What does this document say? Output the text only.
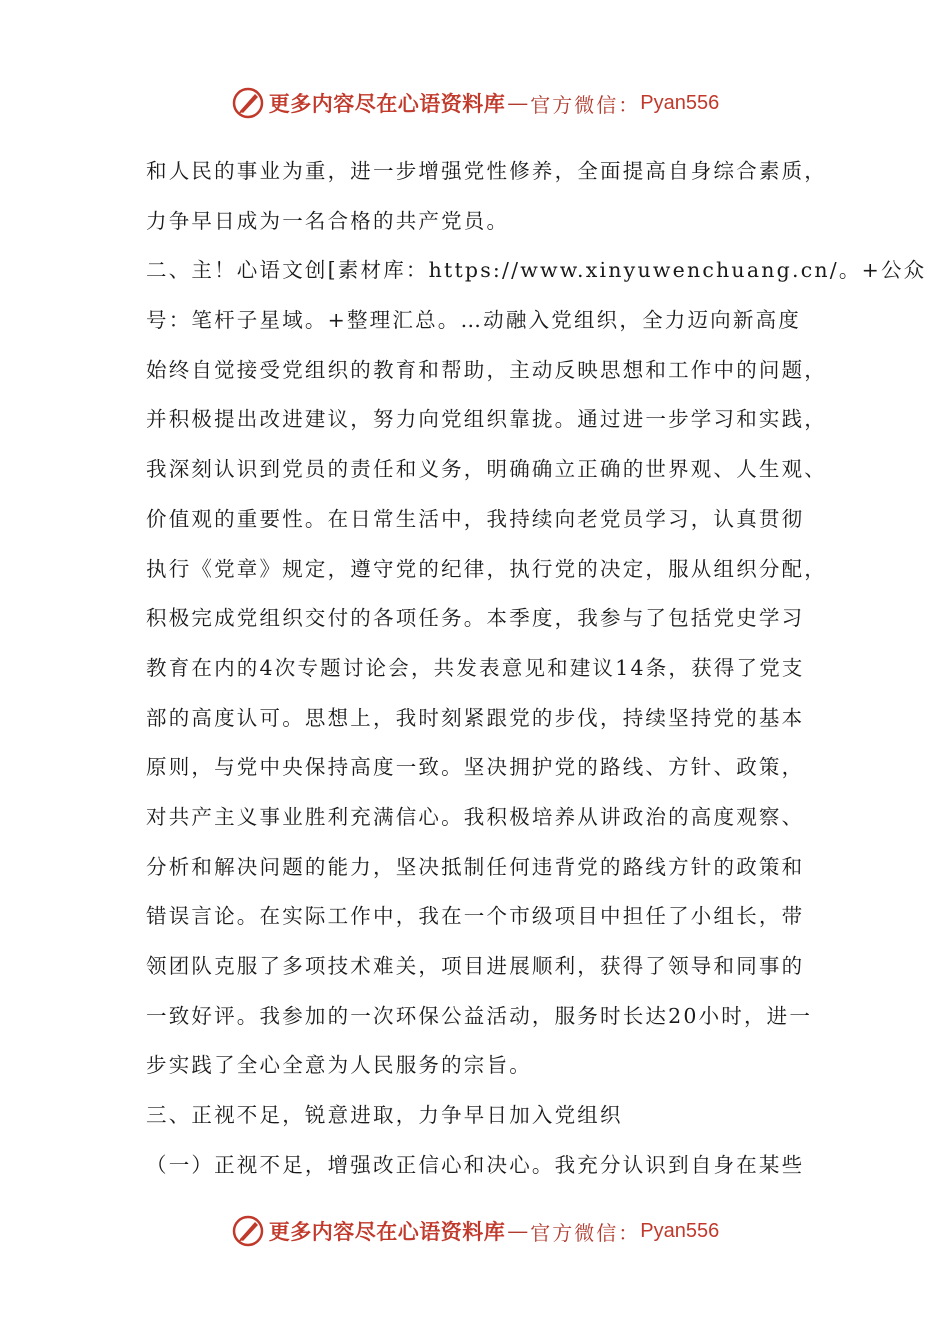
更多内容尽在心语资料库 — 官方微信： Pyan556
和人民的事业为重，进一步增强党性修养，全面提高自身综合素质，
力争早日成为一名合格的共产党员。
二、主！心语文创[素材库：https://www.xinyuwenchuang.cn/。+公众
号：笔杆子星域。+整理汇总。…动融入党组织，全力迈向新高度
始终自觉接受党组织的教育和帮助，主动反映思想和工作中的问题，
并积极提出改进建议，努力向党组织靠拢。通过进一步学习和实践，
我深刻认识到党员的责任和义务，明确确立正确的世界观、人生观、
价值观的重要性。在日常生活中，我持续向老党员学习，认真贯彻
执行《党章》规定，遵守党的纪律，执行党的决定，服从组织分配，
积极完成党组织交付的各项任务。本季度，我参与了包括党史学习
教育在内的4次专题讨论会，共发表意见和建议14条，获得了党支
部的高度认可。思想上，我时刻紧跟党的步伐，持续坚持党的基本
原则，与党中央保持高度一致。坚决拥护党的路线、方针、政策，
对共产主义事业胜利充满信心。我积极培养从讲政治的高度观察、
分析和解决问题的能力，坚决抵制任何违背党的路线方针的政策和
错误言论。在实际工作中，我在一个市级项目中担任了小组长，带
领团队克服了多项技术难关，项目进展顺利，获得了领导和同事的
一致好评。我参加的一次环保公益活动，服务时长达20小时，进一
步实践了全心全意为人民服务的宗旨。
三、正视不足，锐意进取，力争早日加入党组织
（一）正视不足，增强改正信心和决心。我充分认识到自身在某些
更多内容尽在心语资料库 — 官方微信： Pyan556
